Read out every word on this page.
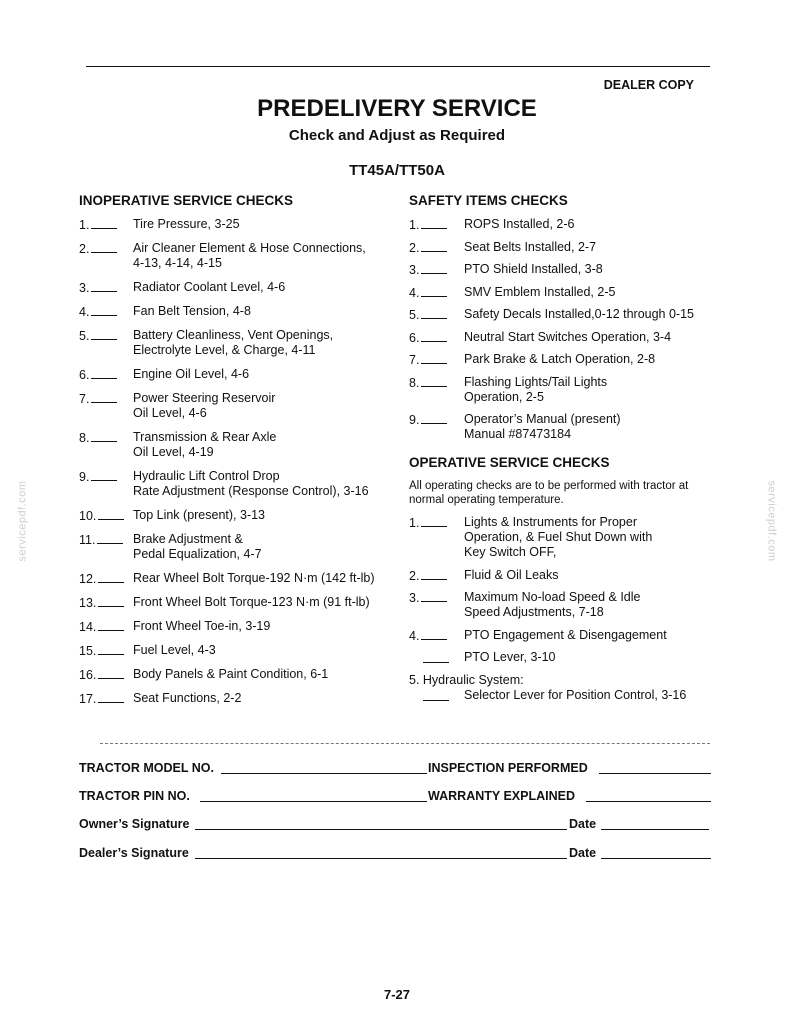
DEALER COPY
PREDELIVERY SERVICE
Check and Adjust as Required
TT45A/TT50A
servicepdf.com	servicepdf.com
INOPERATIVE SERVICE CHECKS
1.	Tire Pressure, 3-25
2.	Air Cleaner Element & Hose Connections,
4-13, 4-14, 4-15
3.	Radiator Coolant Level, 4-6
4.	Fan Belt Tension, 4-8
5.	Battery Cleanliness, Vent Openings,
Electrolyte Level, & Charge, 4-11
6.	Engine Oil Level, 4-6
7.	Power Steering Reservoir
Oil Level, 4-6
8.	Transmission & Rear Axle
Oil Level, 4-19
9.	Hydraulic Lift Control Drop
Rate Adjustment (Response Control), 3-16
10.	Top Link (present), 3-13
11.	Brake Adjustment &
Pedal Equalization, 4-7
12.	Rear Wheel Bolt Torque-192 N·m (142 ft-lb)
13.	Front Wheel Bolt Torque-123 N·m (91 ft-lb)
14.	Front Wheel Toe-in, 3-19
15.	Fuel Level, 4-3
16.	Body Panels & Paint Condition, 6-1
17.	Seat Functions, 2-2
SAFETY ITEMS CHECKS
1.	ROPS Installed, 2-6
2.	Seat Belts Installed, 2-7
3.	PTO Shield Installed, 3-8
4.	SMV Emblem Installed, 2-5
5.	Safety Decals Installed,0-12 through 0-15
6.	Neutral Start Switches Operation, 3-4
7.	Park Brake & Latch Operation, 2-8
8.	Flashing Lights/Tail Lights
Operation, 2-5
9.	Operator’s Manual (present)
Manual #87473184
OPERATIVE SERVICE CHECKS
All operating checks are to be performed with tractor at normal operating temperature.
1.	Lights & Instruments for Proper
Operation, & Fuel Shut Down with
Key Switch OFF,
2.	Fluid & Oil Leaks
3.	Maximum No-load Speed & Idle
Speed Adjustments, 7-18
4.	PTO Engagement & Disengagement
PTO Lever, 3-10
5. Hydraulic System:
Selector Lever for Position Control, 3-16
TRACTOR MODEL NO.	INSPECTION PERFORMED
TRACTOR PIN NO.	WARRANTY EXPLAINED
Owner’s Signature	Date
Dealer’s Signature	Date
7-27
